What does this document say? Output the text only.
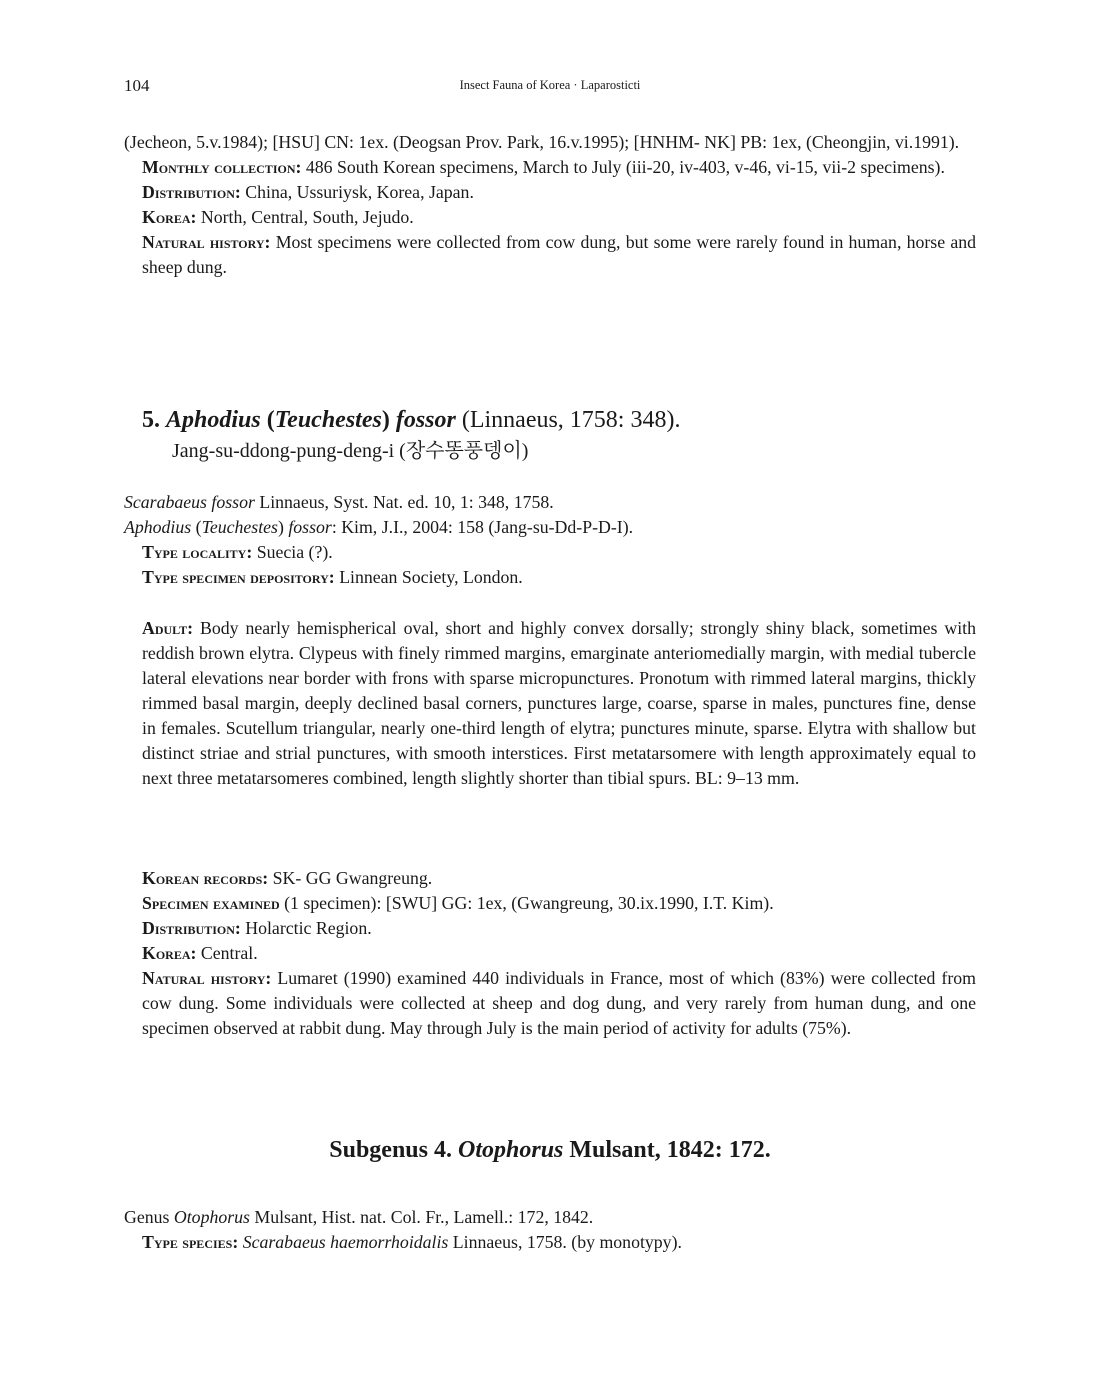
104	Insect Fauna of Korea · Laparosticti

(Jecheon, 5.v.1984); [HSU] CN: 1ex. (Deogsan Prov. Park, 16.v.1995); [HNHM- NK] PB: 1ex, (Cheongjin, vi.1991).

Monthly collection: 486 South Korean specimens, March to July (iii-20, iv-403, v-46, vi-15, vii-2 specimens).

Distribution: China, Ussuriysk, Korea, Japan.

Korea: North, Central, South, Jejudo.

Natural history: Most specimens were collected from cow dung, but some were rarely found in human, horse and sheep dung.

5. Aphodius (Teuchestes) fossor (Linnaeus, 1758: 348).
Jang-su-ddong-pung-deng-i (장수똥풍뎅이)

Scarabaeus fossor Linnaeus, Syst. Nat. ed. 10, 1: 348, 1758.

Aphodius (Teuchestes) fossor: Kim, J.I., 2004: 158 (Jang-su-Dd-P-D-I).

Type locality: Suecia (?).

Type specimen depository: Linnean Society, London.

Adult: Body nearly hemispherical oval, short and highly convex dorsally; strongly shiny black, sometimes with reddish brown elytra. Clypeus with finely rimmed margins, emarginate anteriomedially margin, with medial tubercle lateral elevations near border with frons with sparse micropunctures. Pronotum with rimmed lateral margins, thickly rimmed basal margin, deeply declined basal corners, punctures large, coarse, sparse in males, punctures fine, dense in females. Scutellum triangular, nearly one-third length of elytra; punctures minute, sparse. Elytra with shallow but distinct striae and strial punctures, with smooth interstices. First metatarsomere with length approximately equal to next three metatarsomeres combined, length slightly shorter than tibial spurs. BL: 9–13 mm.

Korean records: SK- GG Gwangreung.

Specimen examined (1 specimen): [SWU] GG: 1ex, (Gwangreung, 30.ix.1990, I.T. Kim).

Distribution: Holarctic Region.

Korea: Central.

Natural history: Lumaret (1990) examined 440 individuals in France, most of which (83%) were collected from cow dung. Some individuals were collected at sheep and dog dung, and very rarely from human dung, and one specimen observed at rabbit dung. May through July is the main period of activity for adults (75%).

Subgenus 4. Otophorus Mulsant, 1842: 172.

Genus Otophorus Mulsant, Hist. nat. Col. Fr., Lamell.: 172, 1842.

Type species: Scarabaeus haemorrhoidalis Linnaeus, 1758. (by monotypy).
